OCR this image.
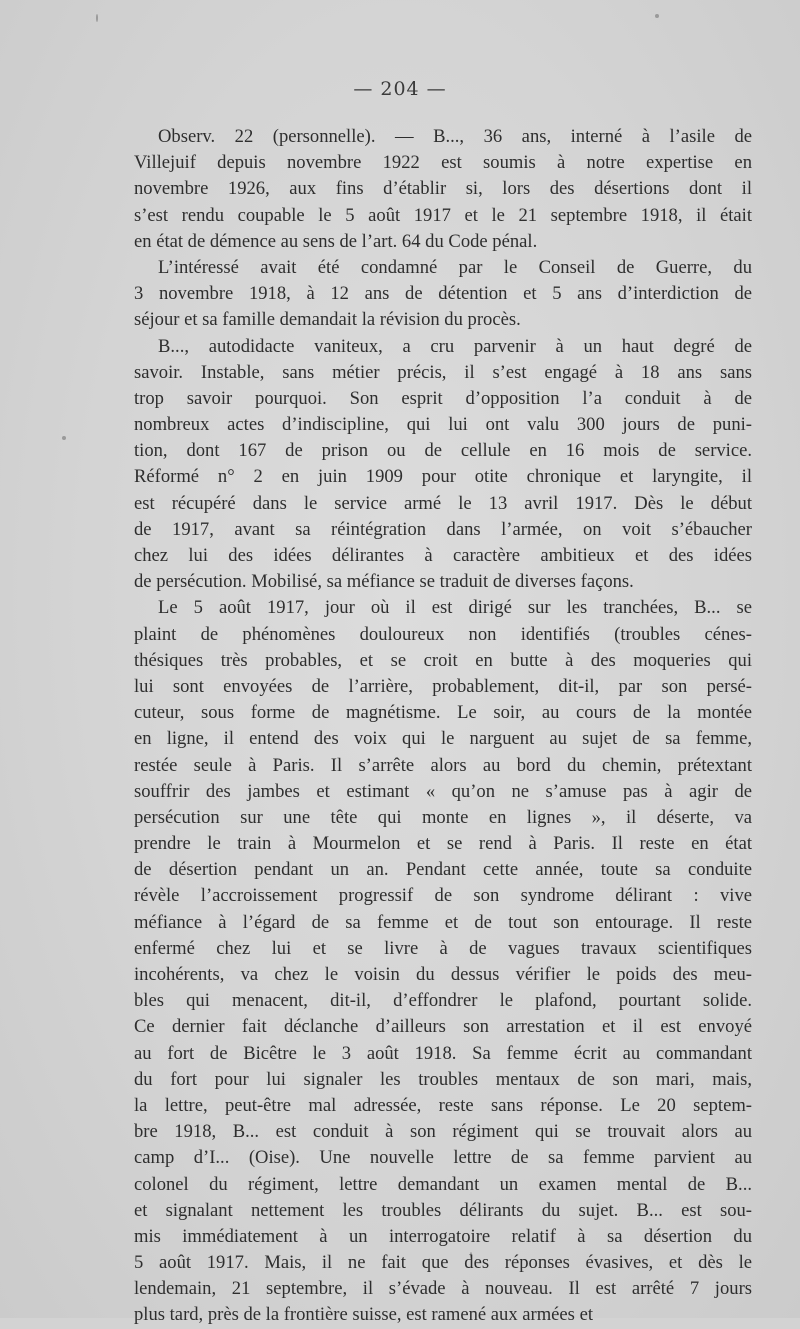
— 204 —
Observ. 22 (personnelle). — B..., 36 ans, interné à l’asile de
Villejuif depuis novembre 1922 est soumis à notre expertise en
novembre 1926, aux fins d’établir si, lors des désertions dont il
s’est rendu coupable le 5 août 1917 et le 21 septembre 1918, il était
en état de démence au sens de l’art. 64 du Code pénal.
L’intéressé avait été condamné par le Conseil de Guerre, du
3 novembre 1918, à 12 ans de détention et 5 ans d’interdiction de
séjour et sa famille demandait la révision du procès.
B..., autodidacte vaniteux, a cru parvenir à un haut degré de
savoir. Instable, sans métier précis, il s’est engagé à 18 ans sans
trop savoir pourquoi. Son esprit d’opposition l’a conduit à de
nombreux actes d’indiscipline, qui lui ont valu 300 jours de puni-
tion, dont 167 de prison ou de cellule en 16 mois de service.
Réformé n° 2 en juin 1909 pour otite chronique et laryngite, il
est récupéré dans le service armé le 13 avril 1917. Dès le début
de 1917, avant sa réintégration dans l’armée, on voit s’ébaucher
chez lui des idées délirantes à caractère ambitieux et des idées
de persécution. Mobilisé, sa méfiance se traduit de diverses façons.
Le 5 août 1917, jour où il est dirigé sur les tranchées, B... se
plaint de phénomènes douloureux non identifiés (troubles cénes-
thésiques très probables, et se croit en butte à des moqueries qui
lui sont envoyées de l’arrière, probablement, dit-il, par son persé-
cuteur, sous forme de magnétisme. Le soir, au cours de la montée
en ligne, il entend des voix qui le narguent au sujet de sa femme,
restée seule à Paris. Il s’arrête alors au bord du chemin, prétextant
souffrir des jambes et estimant « qu’on ne s’amuse pas à agir de
persécution sur une tête qui monte en lignes », il déserte, va
prendre le train à Mourmelon et se rend à Paris. Il reste en état
de désertion pendant un an. Pendant cette année, toute sa conduite
révèle l’accroissement progressif de son syndrome délirant : vive
méfiance à l’égard de sa femme et de tout son entourage. Il reste
enfermé chez lui et se livre à de vagues travaux scientifiques
incohérents, va chez le voisin du dessus vérifier le poids des meu-
bles qui menacent, dit-il, d’effondrer le plafond, pourtant solide.
Ce dernier fait déclanche d’ailleurs son arrestation et il est envoyé
au fort de Bicêtre le 3 août 1918. Sa femme écrit au commandant
du fort pour lui signaler les troubles mentaux de son mari, mais,
la lettre, peut-être mal adressée, reste sans réponse. Le 20 septem-
bre 1918, B... est conduit à son régiment qui se trouvait alors au
camp d’I... (Oise). Une nouvelle lettre de sa femme parvient au
colonel du régiment, lettre demandant un examen mental de B...
et signalant nettement les troubles délirants du sujet. B... est sou-
mis immédiatement à un interrogatoire relatif à sa désertion du
5 août 1917. Mais, il ne fait que des réponses évasives, et dès le
lendemain, 21 septembre, il s’évade à nouveau. Il est arrêté 7 jours
plus tard, près de la frontière suisse, est ramené aux armées et
